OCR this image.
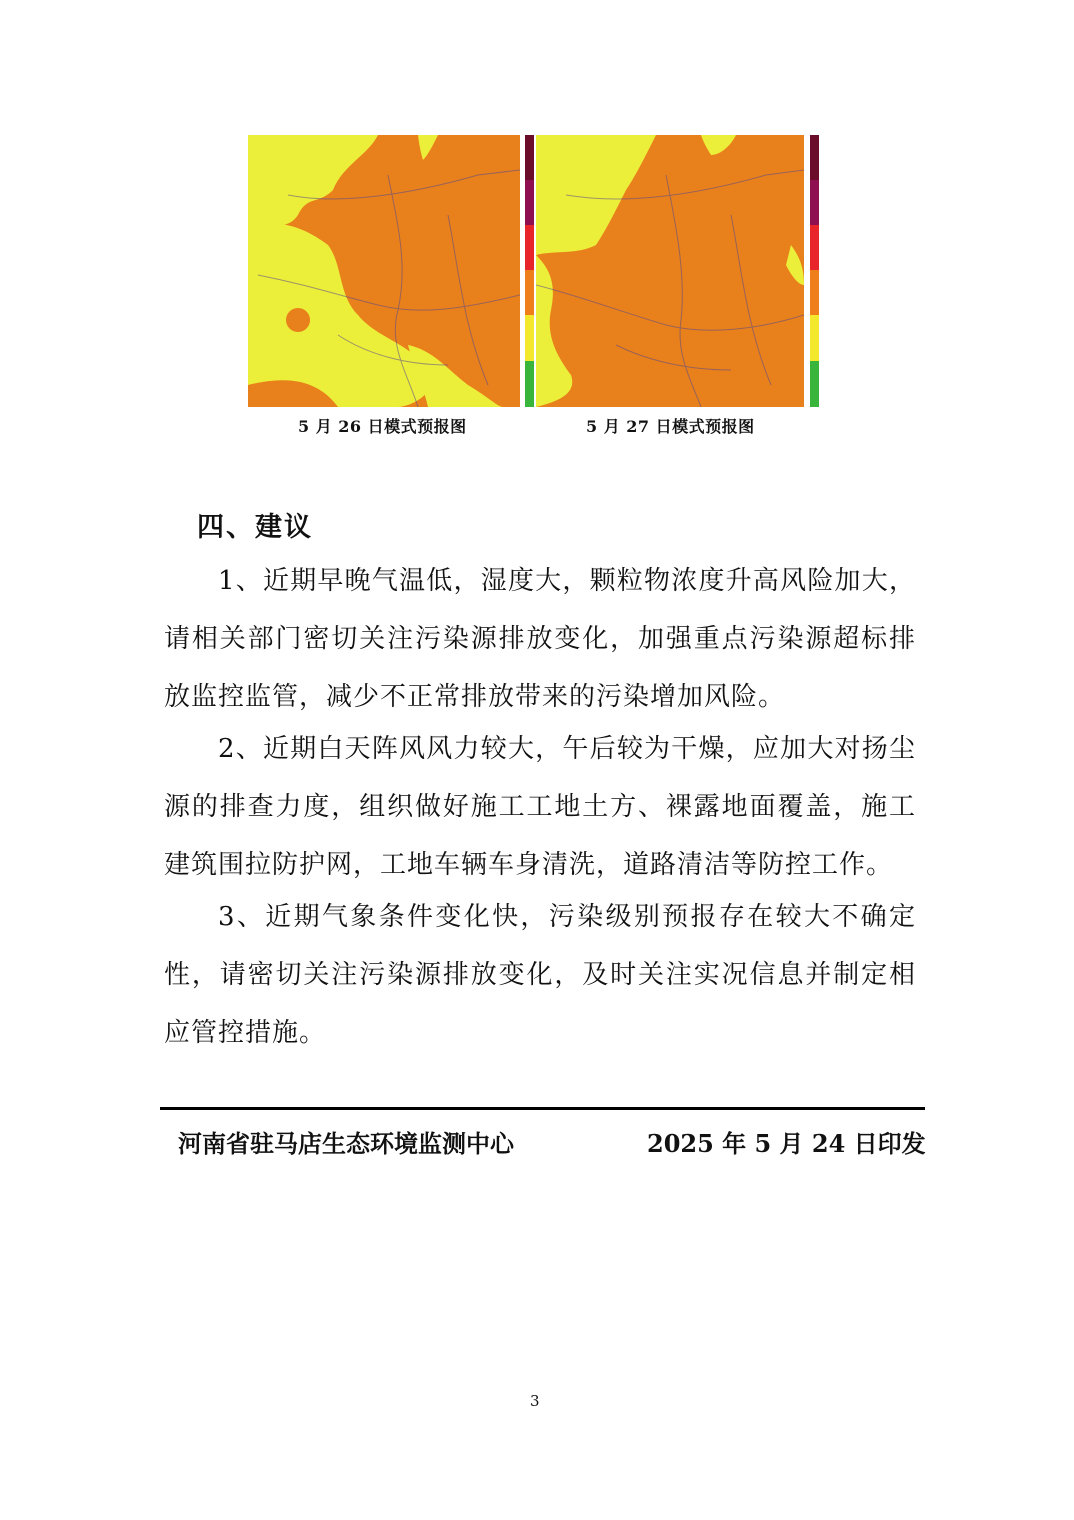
5 月 26 日模式预报图	5 月 27 日模式预报图
四、建议
1、近期早晚气温低，湿度大，颗粒物浓度升高风险加大，请相关部门密切关注污染源排放变化，加强重点污染源超标排放监控监管，减少不正常排放带来的污染增加风险。
2、近期白天阵风风力较大，午后较为干燥，应加大对扬尘源的排查力度，组织做好施工工地土方、裸露地面覆盖，施工建筑围拉防护网，工地车辆车身清洗，道路清洁等防控工作。
3、近期气象条件变化快，污染级别预报存在较大不确定性，请密切关注污染源排放变化，及时关注实况信息并制定相应管控措施。
河南省驻马店生态环境监测中心	2025 年 5 月 24 日印发
3
